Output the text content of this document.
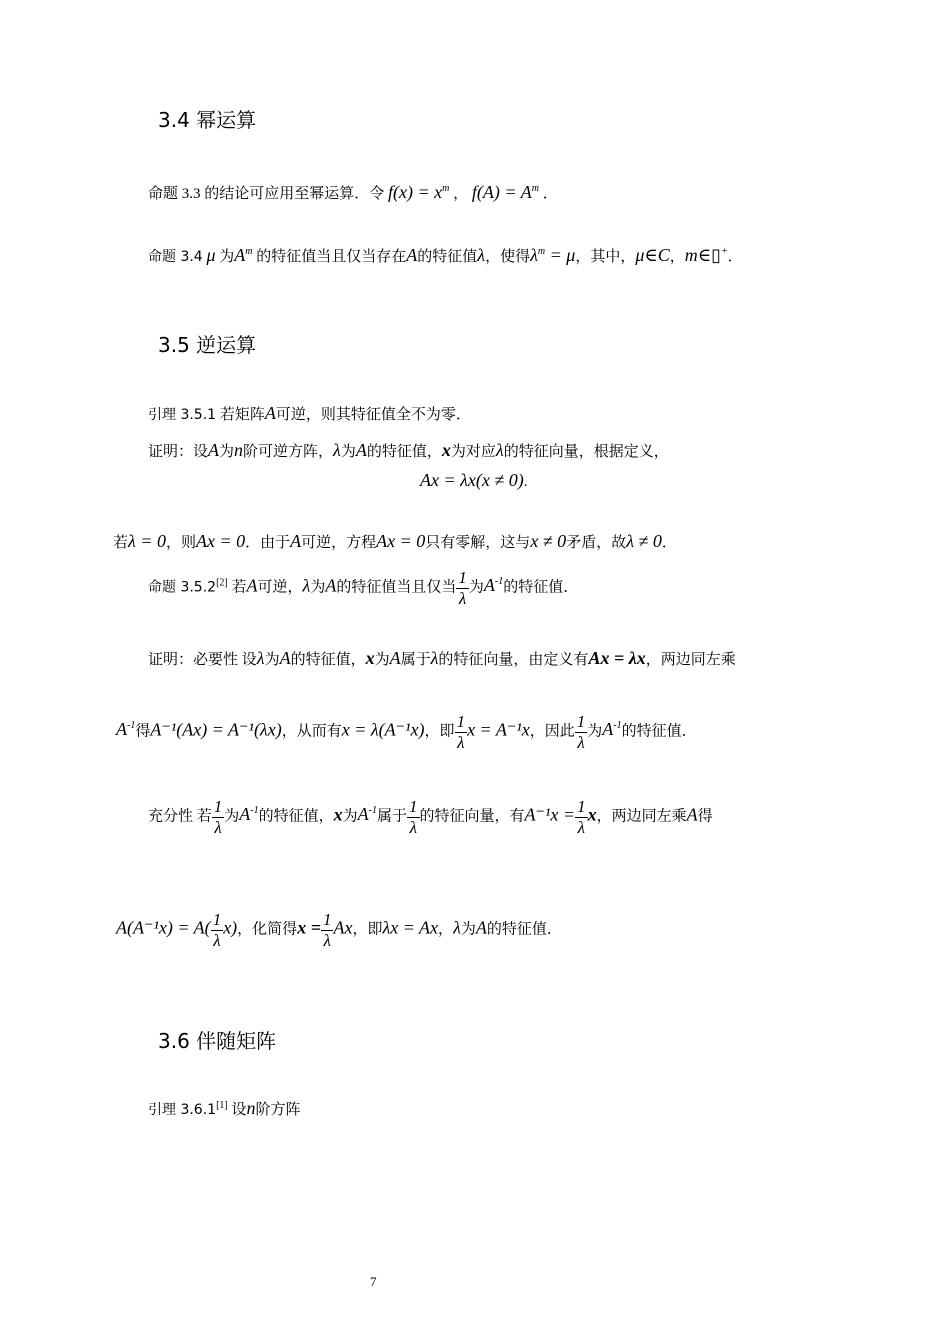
3.4 幂运算
命题 3.3 的结论可应用至幂运算．令 $f(x) = x^m$ ， $f(A) = A^m$ ．
命题 3.4 μ 为$A^m$ 的特征值当且仅当存在A的特征值λ，使得$\lambda^m = \mu$，其中，μ∈C，m∈▯+．
3.5 逆运算
引理 3.5.1 若矩阵A可逆，则其特征值全不为零．
证明：设A为n阶可逆方阵，λ为A的特征值，x为对应λ的特征向量，根据定义，
Ax = λx(x ≠ 0).
若λ = 0，则Ax = 0．由于A可逆，方程Ax = 0只有零解，这与x ≠ 0矛盾，故λ ≠ 0．
命题 3.5.2[2] 若A可逆，λ为A的特征值当且仅当 $\frac{1}{\lambda}$ 为$A^{-1}$的特征值．
证明：必要性 设λ为A的特征值，x为A属于λ的特征向量，由定义有Ax = λx，两边同左乘
$A^{-1}$得A⁻¹(Ax) = A⁻¹(λx)，从而有x = λ(A⁻¹x)，即 $\frac{1}{\lambda}$ x = A⁻¹x，因此 $\frac{1}{\lambda}$ 为$A^{-1}$的特征值．
充分性 若 $\frac{1}{\lambda}$ 为$A^{-1}$的特征值，x为$A^{-1}$属于 $\frac{1}{\lambda}$ 的特征向量，有$A^{-1}x = \frac{1}{\lambda}$ x，两边同左乘A得
$A(A^{-1}x) = A( \frac{1}{\lambda} x)$，化简得$x = \frac{1}{\lambda}$ Ax，即λx = Ax，λ为A的特征值．
3.6 伴随矩阵
引理 3.6.1[1] 设n阶方阵
7
